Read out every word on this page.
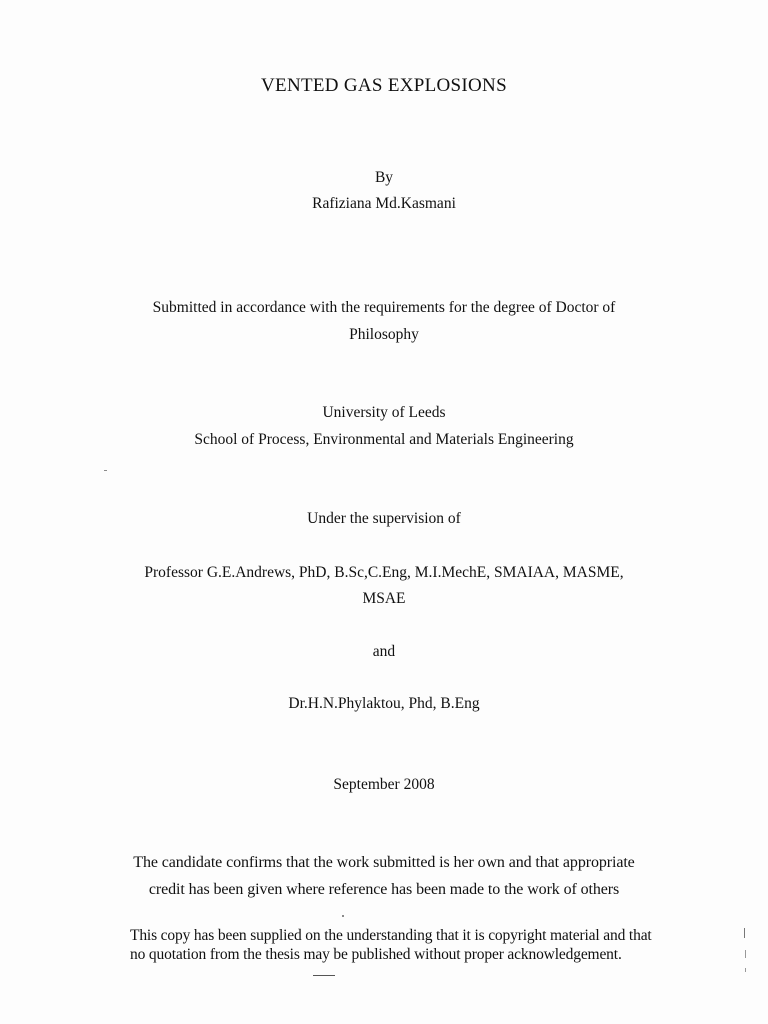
VENTED GAS EXPLOSIONS
By
Rafiziana Md.Kasmani
Submitted in accordance with the requirements for the degree of Doctor of
Philosophy
University of Leeds
School of Process, Environmental and Materials Engineering
Under the supervision of
Professor G.E.Andrews, PhD, B.Sc,C.Eng, M.I.MechE, SMAIAA, MASME,
MSAE
and
Dr.H.N.Phylaktou, Phd, B.Eng
September 2008
The candidate confirms that the work submitted is her own and that appropriate
credit has been given where reference has been made to the work of others
This copy has been supplied on the understanding that it is copyright material and that
no quotation from the thesis may be published without proper acknowledgement.
